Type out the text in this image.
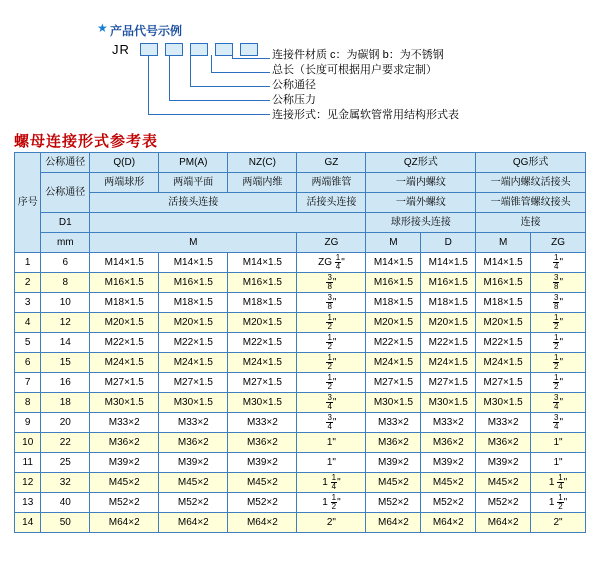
★ 产品代号示例
JR
	连接件材质 c：为碳钢 b：为不锈钢
总长（长度可根据用户要求定制）
公称通径
公称压力
连接形式：见金属软管常用结构形式表
螺母连接形式参考表
序号	公称通径	Q(D)	PM(A)	NZ(C)	GZ	QZ形式		QG形式	
	公称通径	两端球形	两端平面	两端内维	两端锥管	一端内螺纹		一端内螺纹活接头	
		活接头连接			活接头连接	一端外螺纹		一端锥管螺纹接头	
	D1					球形接头连接		连接	
	mm	M			ZG	M	D	M	ZG
1	6	M14×1.5	M14×1.5	M14×1.5	ZG $\frac{1}{4}$ "	M14×1.5	M14×1.5	M14×1.5	$\frac{1}{4}$ "
2	8	M16×1.5	M16×1.5	M16×1.5	$\frac{3}{8}$ "	M16×1.5	M16×1.5	M16×1.5	$\frac{3}{8}$ "
3	10	M18×1.5	M18×1.5	M18×1.5	$\frac{3}{8}$ "	M18×1.5	M18×1.5	M18×1.5	$\frac{3}{8}$ "
4	12	M20×1.5	M20×1.5	M20×1.5	$\frac{1}{2}$ "	M20×1.5	M20×1.5	M20×1.5	$\frac{1}{2}$ "
5	14	M22×1.5	M22×1.5	M22×1.5	$\frac{1}{2}$ "	M22×1.5	M22×1.5	M22×1.5	$\frac{1}{2}$ "
6	15	M24×1.5	M24×1.5	M24×1.5	$\frac{1}{2}$ "	M24×1.5	M24×1.5	M24×1.5	$\frac{1}{2}$ "
7	16	M27×1.5	M27×1.5	M27×1.5	$\frac{1}{2}$ "	M27×1.5	M27×1.5	M27×1.5	$\frac{1}{2}$ "
8	18	M30×1.5	M30×1.5	M30×1.5	$\frac{3}{4}$ "	M30×1.5	M30×1.5	M30×1.5	$\frac{3}{4}$ "
9	20	M33×2	M33×2	M33×2	$\frac{3}{4}$ "	M33×2	M33×2	M33×2	$\frac{3}{4}$ "
10	22	M36×2	M36×2	M36×2	1"	M36×2	M36×2	M36×2	1"
11	25	M39×2	M39×2	M39×2	1"	M39×2	M39×2	M39×2	1"
12	32	M45×2	M45×2	M45×2	$1 \frac{1}{4}$ "	M45×2	M45×2	M45×2	$1 \frac{1}{4}$ "
13	40	M52×2	M52×2	M52×2	$1 \frac{1}{2}$ "	M52×2	M52×2	M52×2	$1 \frac{1}{2}$ "
14	50	M64×2	M64×2	M64×2	2"	M64×2	M64×2	M64×2	2"
